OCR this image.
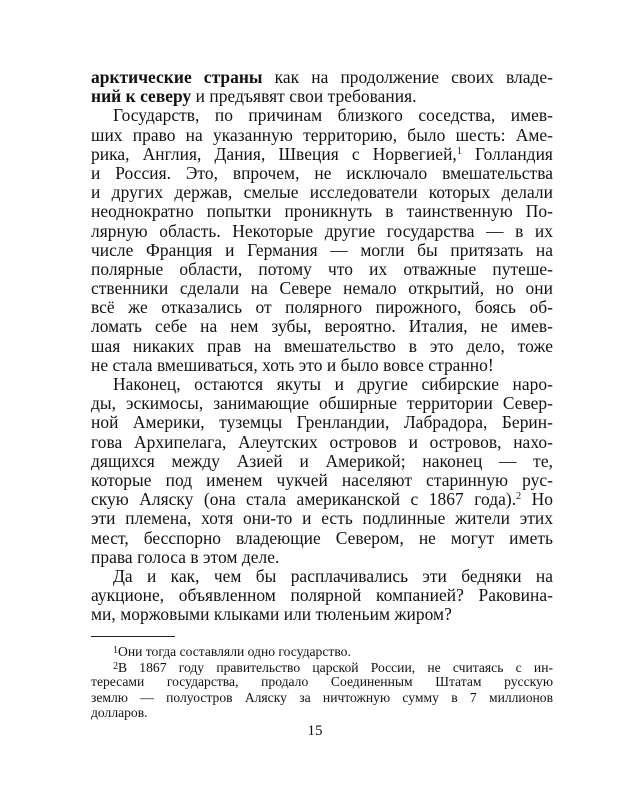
арктические страны как на продолжение своих владе-
ний к северу и предъявят свои требования.

Государств, по причинам близкого соседства, имев-
ших право на указанную территорию, было шесть: Аме-
рика, Англия, Дания, Швеция с Норвегией,$^1$ Голландия
и Россия. Это, впрочем, не исключало вмешательства
и других держав, смелые исследователи которых делали
неоднократно попытки проникнуть в таинственную По-
лярную область. Некоторые другие государства — в их
числе Франция и Германия — могли бы притязать на
полярные области, потому что их отважные путеше-
ственники сделали на Севере немало открытий, но они
всё же отказались от полярного пирожного, боясь об-
ломать себе на нем зубы, вероятно. Италия, не имев-
шая никаких прав на вмешательство в это дело, тоже
не стала вмешиваться, хоть это и было вовсе странно!

Наконец, остаются якуты и другие сибирские наро-
ды, эскимосы, занимающие обширные территории Север-
ной Америки, туземцы Гренландии, Лабрадора, Берин-
гова Архипелага, Алеутских островов и островов, нахо-
дящихся между Азией и Америкой; наконец — те,
которые под именем чукчей населяют старинную рус-
скую Аляску (она стала американской с 1867 года).$^2$ Но
эти племена, хотя они-то и есть подлинные жители этих
мест, бесспорно владеющие Севером, не могут иметь
права голоса в этом деле.

Да и как, чем бы расплачивались эти бедняки на
аукционе, объявленном полярной компанией? Раковина-
ми, моржовыми клыками или тюленьим жиром?

$^1$Они тогда составляли одно государство.
$^2$В 1867 году правительство царской России, не считаясь с ин-
тересами государства, продало Соединенным Штатам русскую
землю — полуостров Аляску за ничтожную сумму в 7 миллионов
долларов.
15
